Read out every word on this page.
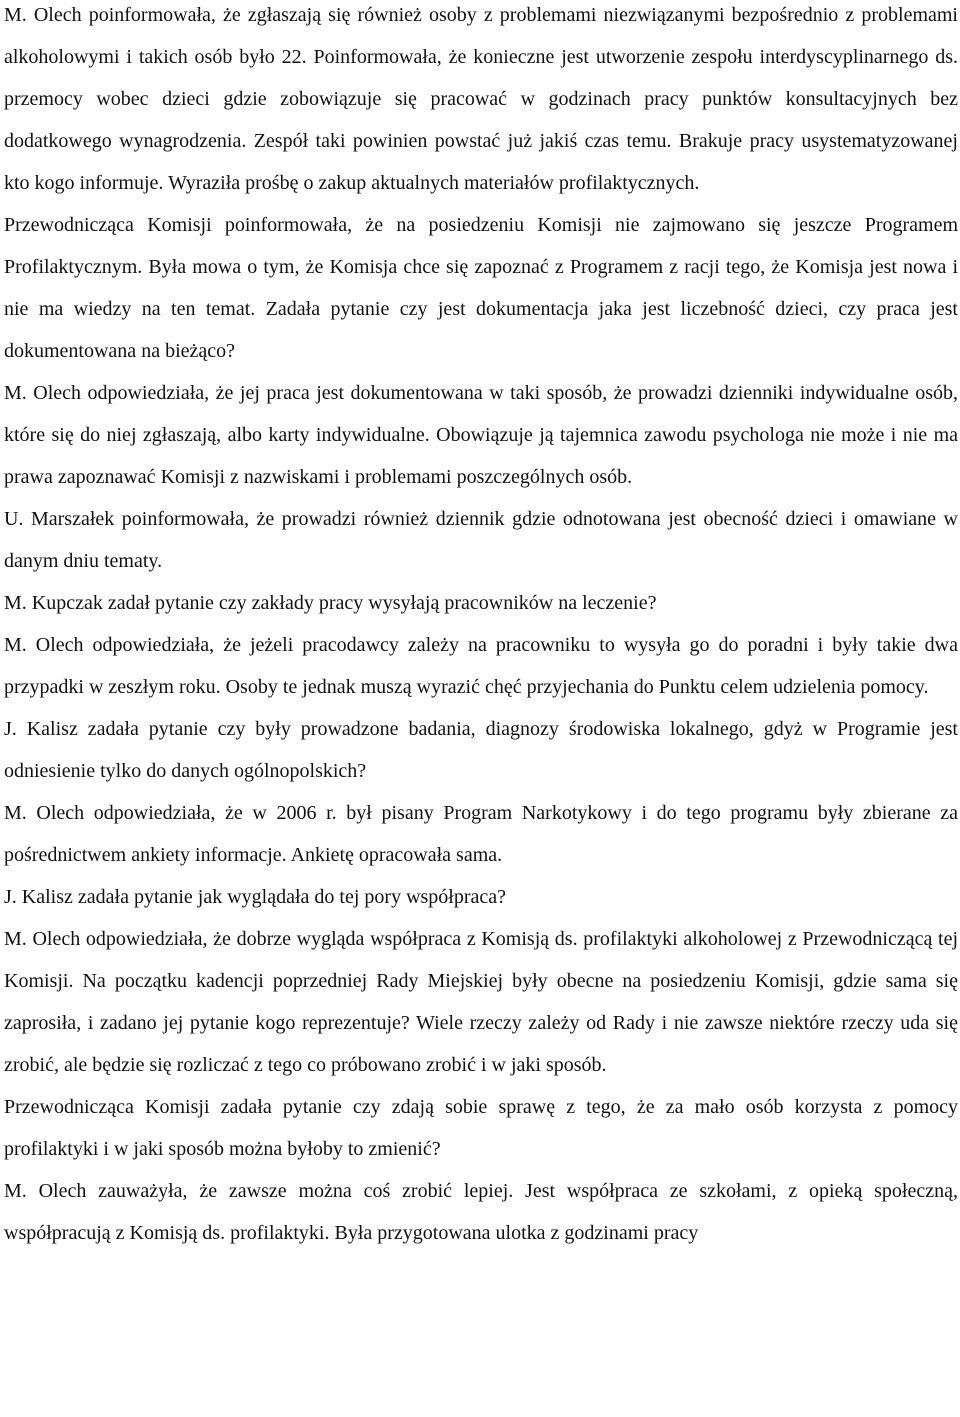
M. Olech poinformowała, że zgłaszają się również osoby z problemami niezwiązanymi bezpośrednio z problemami alkoholowymi i takich osób było 22. Poinformowała, że konieczne jest utworzenie zespołu interdyscyplinarnego ds. przemocy wobec dzieci gdzie zobowiązuje się pracować w godzinach pracy punktów konsultacyjnych bez dodatkowego wynagrodzenia. Zespół taki powinien powstać już jakiś czas temu. Brakuje pracy usystematyzowanej kto kogo informuje. Wyraziła prośbę o zakup aktualnych materiałów profilaktycznych.

Przewodnicząca Komisji poinformowała, że na posiedzeniu Komisji nie zajmowano się jeszcze Programem Profilaktycznym. Była mowa o tym, że Komisja chce się zapoznać z Programem z racji tego, że Komisja jest nowa i nie ma wiedzy na ten temat. Zadała pytanie czy jest dokumentacja jaka jest liczebność dzieci, czy praca jest dokumentowana na bieżąco?

M. Olech odpowiedziała, że jej praca jest dokumentowana w taki sposób, że prowadzi dzienniki indywidualne osób, które się do niej zgłaszają, albo karty indywidualne. Obowiązuje ją tajemnica zawodu psychologa nie może i nie ma prawa zapoznawać Komisji z nazwiskami i problemami poszczególnych osób.

U. Marszałek poinformowała, że prowadzi również dziennik gdzie odnotowana jest obecność dzieci i omawiane w danym dniu tematy.

M. Kupczak zadał pytanie czy zakłady pracy wysyłają pracowników na leczenie?

M. Olech odpowiedziała, że jeżeli pracodawcy zależy na pracowniku to wysyła go do poradni i były takie dwa przypadki w zeszłym roku. Osoby te jednak muszą wyrazić chęć przyjechania do Punktu celem udzielenia pomocy.

J. Kalisz zadała pytanie czy były prowadzone badania, diagnozy środowiska lokalnego, gdyż w Programie jest odniesienie tylko do danych ogólnopolskich?

M. Olech odpowiedziała, że w 2006 r. był pisany Program Narkotykowy i do tego programu były zbierane za pośrednictwem ankiety informacje. Ankietę opracowała sama.

J. Kalisz zadała pytanie jak wyglądała do tej pory współpraca?

M. Olech odpowiedziała, że dobrze wygląda współpraca z Komisją ds. profilaktyki alkoholowej z Przewodniczącą tej Komisji. Na początku kadencji poprzedniej Rady Miejskiej były obecne na posiedzeniu Komisji, gdzie sama się zaprosiła, i zadano jej pytanie kogo reprezentuje? Wiele rzeczy zależy od Rady i nie zawsze niektóre rzeczy uda się zrobić, ale będzie się rozliczać z tego co próbowano zrobić i w jaki sposób.

Przewodnicząca Komisji zadała pytanie czy zdają sobie sprawę z tego, że za mało osób korzysta z pomocy profilaktyki i w jaki sposób można byłoby to zmienić?

M. Olech zauważyła, że zawsze można coś zrobić lepiej. Jest współpraca ze szkołami, z opieką społeczną, współpracują z Komisją ds. profilaktyki. Była przygotowana ulotka z godzinami pracy
